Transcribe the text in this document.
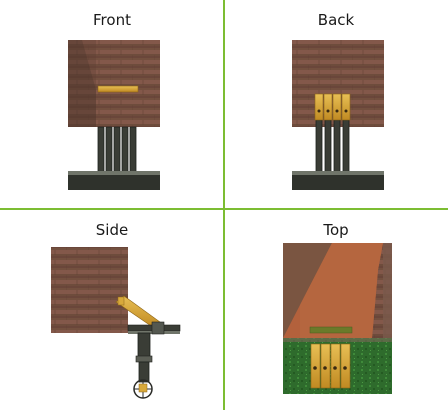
Front	Back
Side	Top
